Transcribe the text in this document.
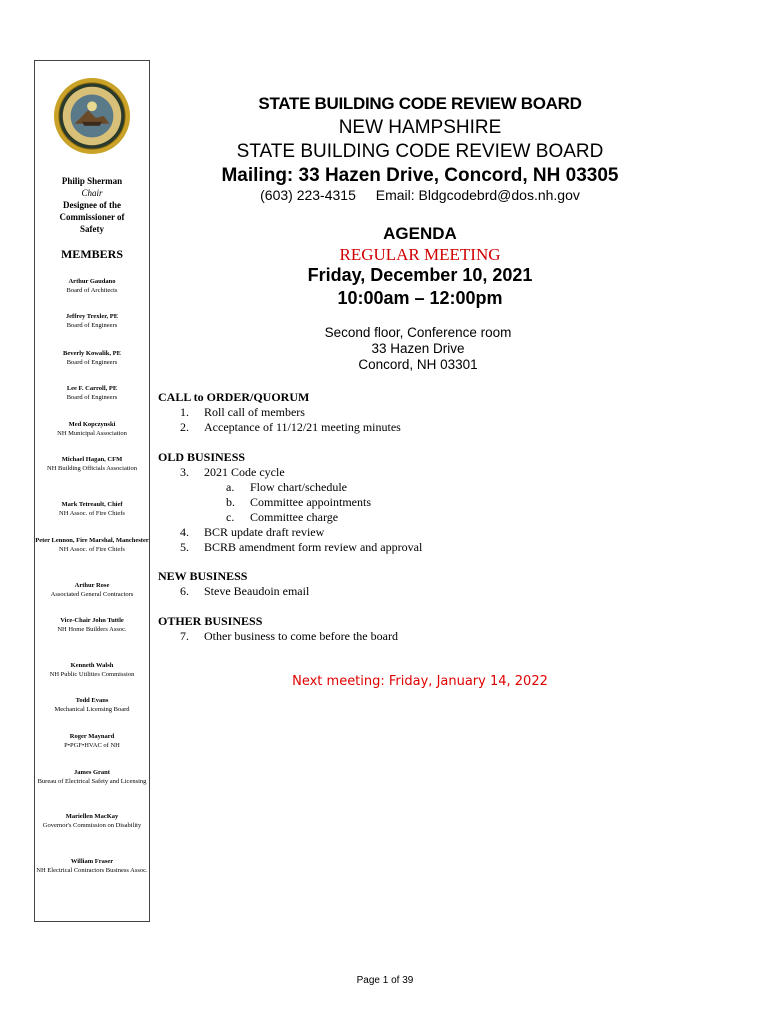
Philip Sherman
Chair
Designee of the
Commissioner of
Safety
MEMBERS
Arthur Gaudano
Board of Architects
Jeffrey Trexler, PE
Board of Engineers
Beverly Kowalik, PE
Board of Engineers
Lee F. Carroll, PE
Board of Engineers
Med Kopczynski
NH Municipal Association
Michael Hagan, CFM
NH Building Officials Association
Mark Tetreault, Chief
NH Assoc. of Fire Chiefs
Peter Lennon, Fire Marshal, Manchester
NH Assoc. of Fire Chiefs
Arthur Rose
Associated General Contractors
Vice-Chair John Tuttle
NH Home Builders Assoc.
Kenneth Walsh
NH Public Utilities Commission
Todd Evans
Mechanical Licensing Board
Roger Maynard
P•PGF•HVAC of NH
James Grant
Bureau of Electrical Safety and Licensing
Mariellen MacKay
Governor's Commission on Disability
William Fraser
NH Electrical Contractors Business Assoc.
STATE BUILDING CODE REVIEW BOARD
NEW HAMPSHIRE
STATE BUILDING CODE REVIEW BOARD
Mailing: 33 Hazen Drive, Concord, NH 03305
(603) 223-4315 Email: Bldgcodebrd@dos.nh.gov
AGENDA
REGULAR MEETING
Friday, December 10, 2021
10:00am – 12:00pm
Second floor, Conference room
33 Hazen Drive
Concord, NH 03301
CALL to ORDER/QUORUM
1. Roll call of members
2. Acceptance of 11/12/21 meeting minutes
OLD BUSINESS
3. 2021 Code cycle
a. Flow chart/schedule
b. Committee appointments
c. Committee charge
4. BCR update draft review
5. BCRB amendment form review and approval
NEW BUSINESS
6. Steve Beaudoin email
OTHER BUSINESS
7. Other business to come before the board
Next meeting: Friday, January 14, 2022
Page 1 of 39
